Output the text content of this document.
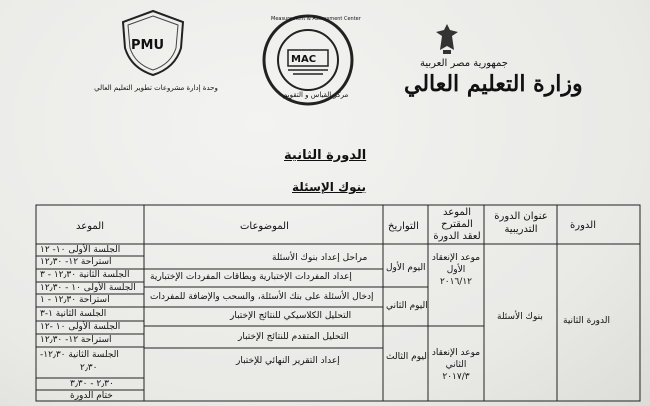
PMU
وحدة إدارة مشروعات تطوير التعليم العالي
MAC
Measurement & Assessment Center
مركز القياس و التقويم
جمهورية مصر العربية
وزارة التعليم العالي
الدورة الثانية
بنوك الإسئلة
الدورة
عنوان الدورة
التدريبية
الموعد
المقترح
لعقد الدورة
التواريخ
الموضوعات
الموعد
الدورة الثانية
بنوك الأسئلة
موعد الإنعقاد
الأول
٢٠١٦/١٢
موعد الإنعقاد
الثاني
٢٠١٧/٣
اليوم الأول
اليوم الثاني
اليوم الثالث
مراحل إعداد بنوك الأسئلة
إعداد المفردات الإختبارية وبطاقات المفردات الإختبارية
إدخال الأسئلة على بنك الأسئلة، والسحب والإضافة للمفردات
التحليل الكلاسيكي للنتائج الإختبار
التحليل المتقدم للنتائج الإختبار
إعداد التقرير النهائي للإختبار
الجلسة الأولى ١٠- ١٢
استراحة ١٢- ١٢٫٣٠
الجلسة الثانية ١٢٫٣٠ - ٣
الجلسة الأولى ١٠ - ١٢٫٣٠
استراحة ١٢٫٣٠ - ١
الجلسة الثانية ١-٣
الجلسة الأولى ١٠ -١٢
استراحة ١٢- ١٢٫٣٠
الجلسة الثانية ١٢٫٣٠-
٢٫٣٠
٢٫٣٠ - ٣٫٣٠
ختام الدورة
